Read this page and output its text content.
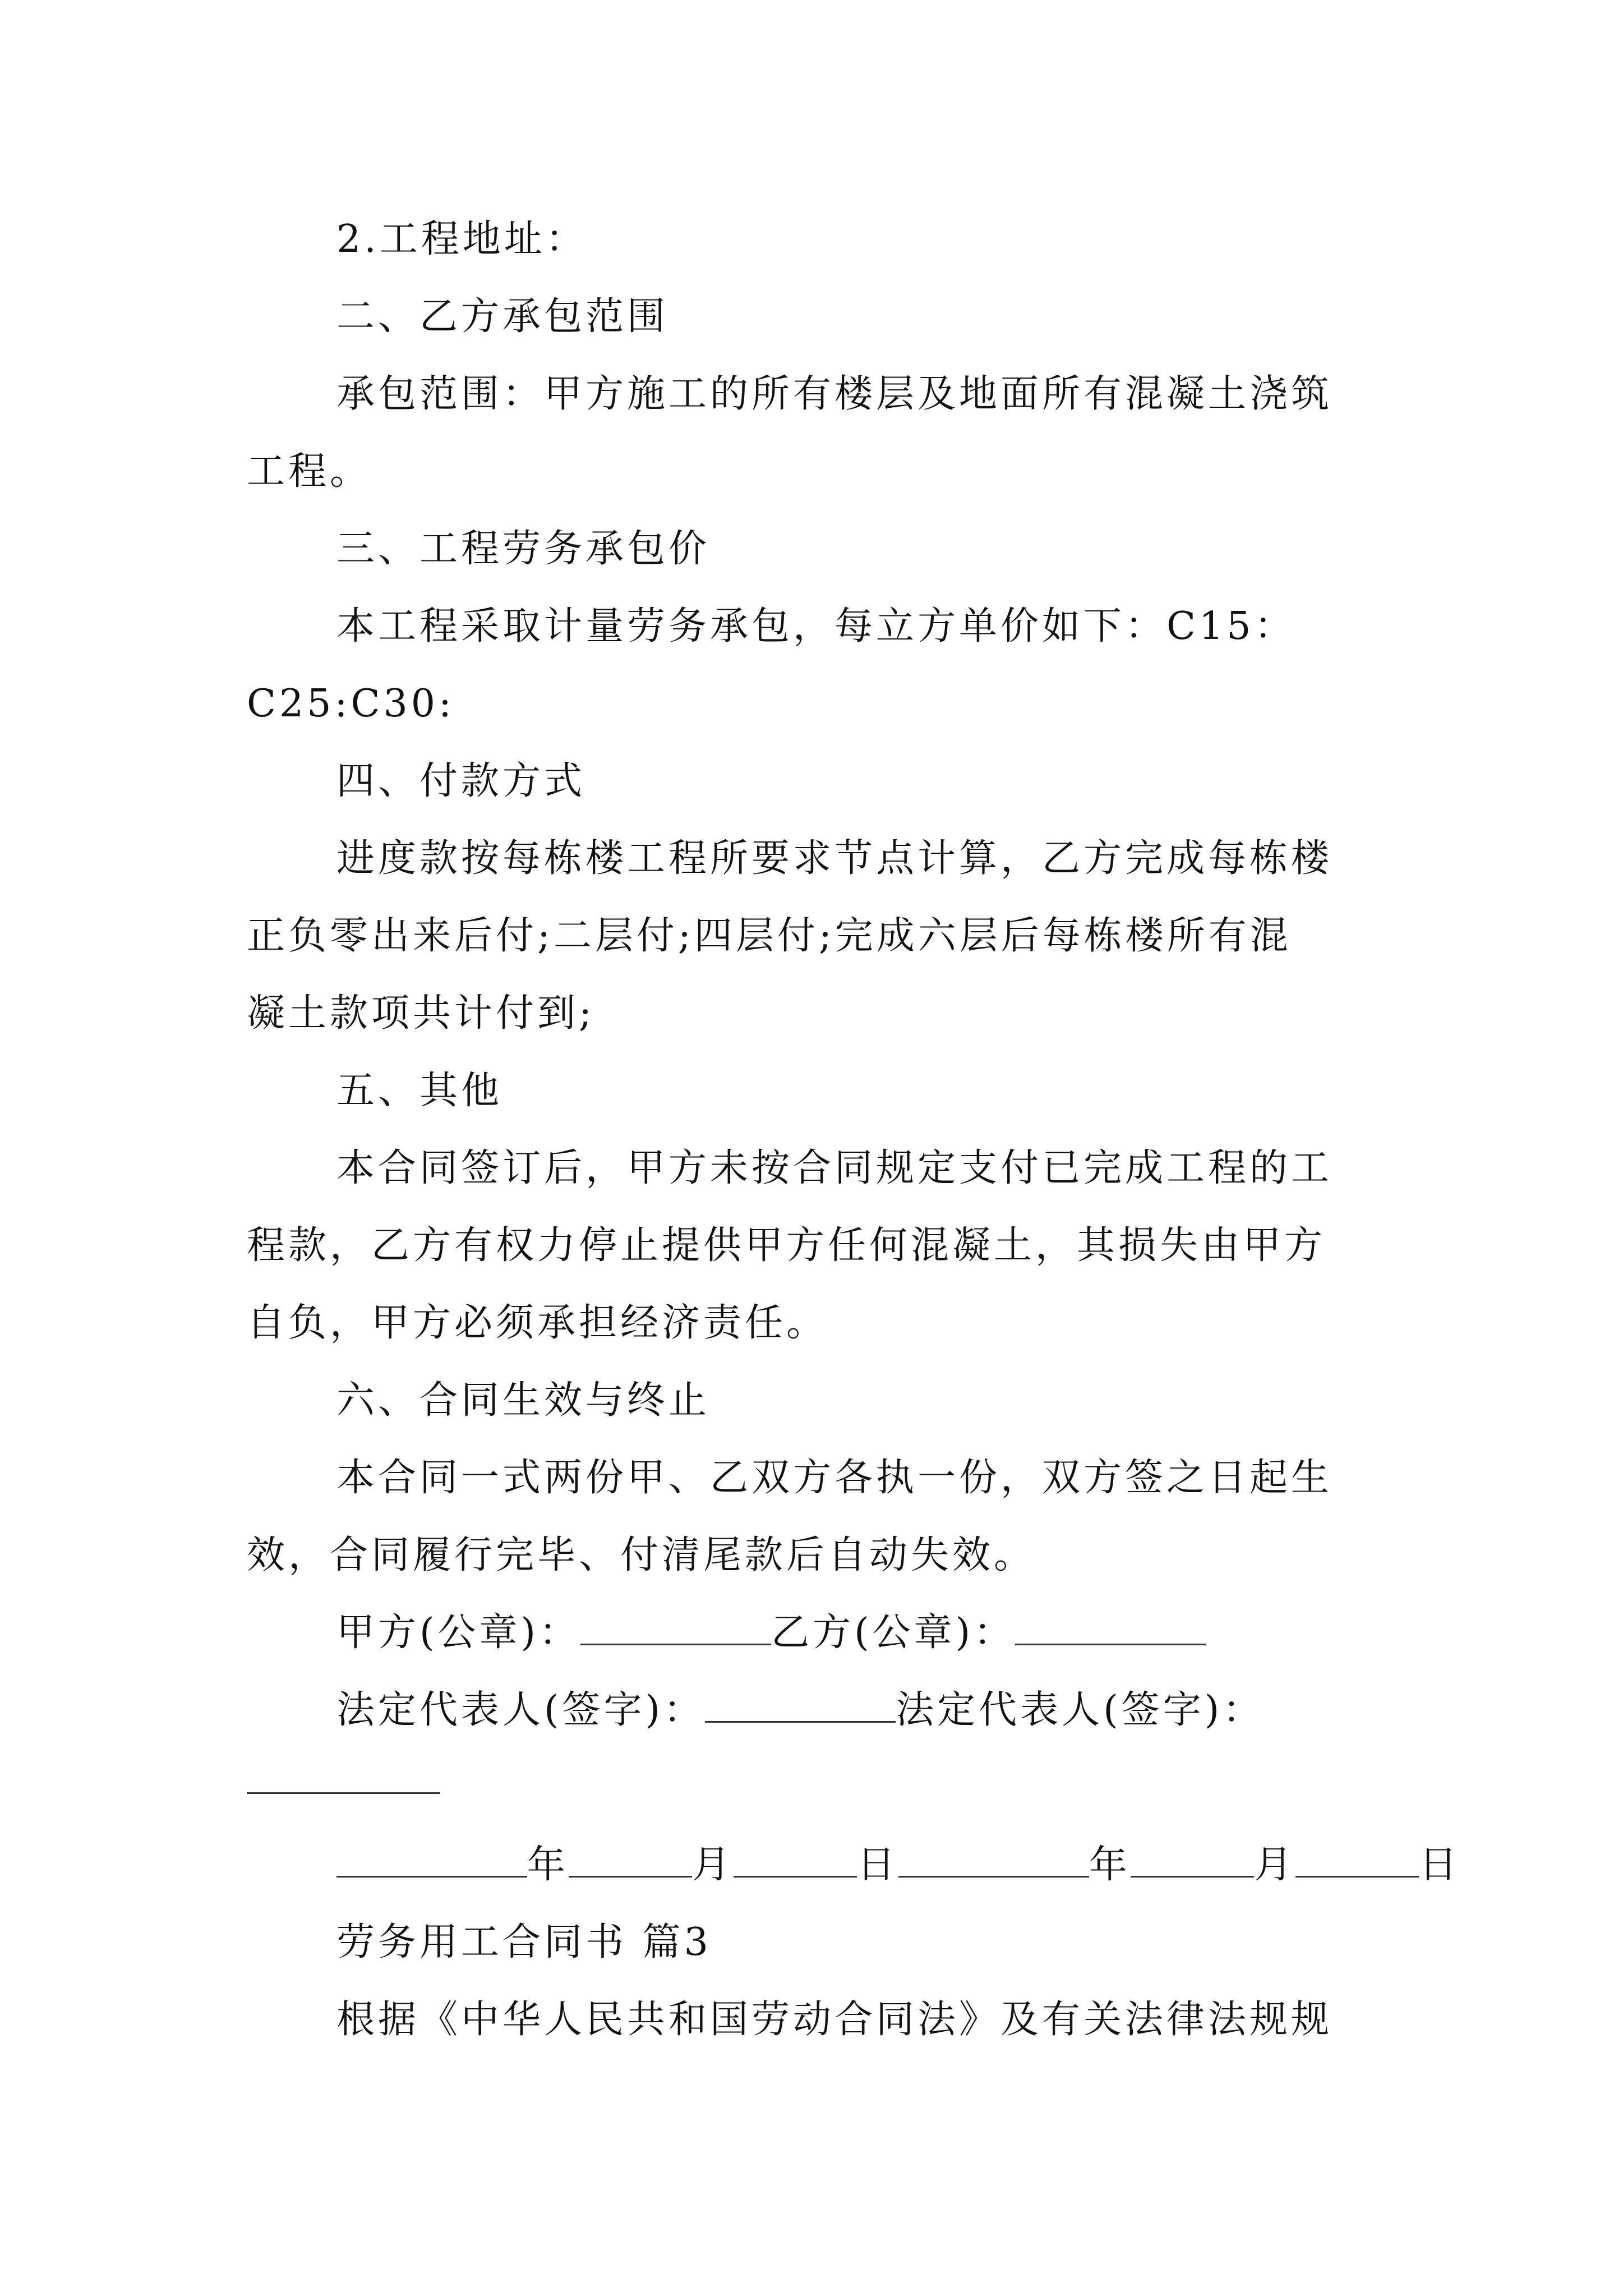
2.工程地址：
二、乙方承包范围
承包范围：甲方施工的所有楼层及地面所有混凝土浇筑
工程。
三、工程劳务承包价
本工程采取计量劳务承包，每立方单价如下：C15：
C25:C30:
四、付款方式
进度款按每栋楼工程所要求节点计算，乙方完成每栋楼
正负零出来后付;二层付;四层付;完成六层后每栋楼所有混
凝土款项共计付到;
五、其他
本合同签订后，甲方未按合同规定支付已完成工程的工
程款，乙方有权力停止提供甲方任何混凝土，其损失由甲方
自负，甲方必须承担经济责任。
六、合同生效与终止
本合同一式两份甲、乙双方各执一份，双方签之日起生
效，合同履行完毕、付清尾款后自动失效。
甲方(公章)：	乙方(公章)：
法定代表人(签字)：	法定代表人(签字)：
年	月	日	年	月	日
劳务用工合同书 篇3
根据《中华人民共和国劳动合同法》及有关法律法规规
